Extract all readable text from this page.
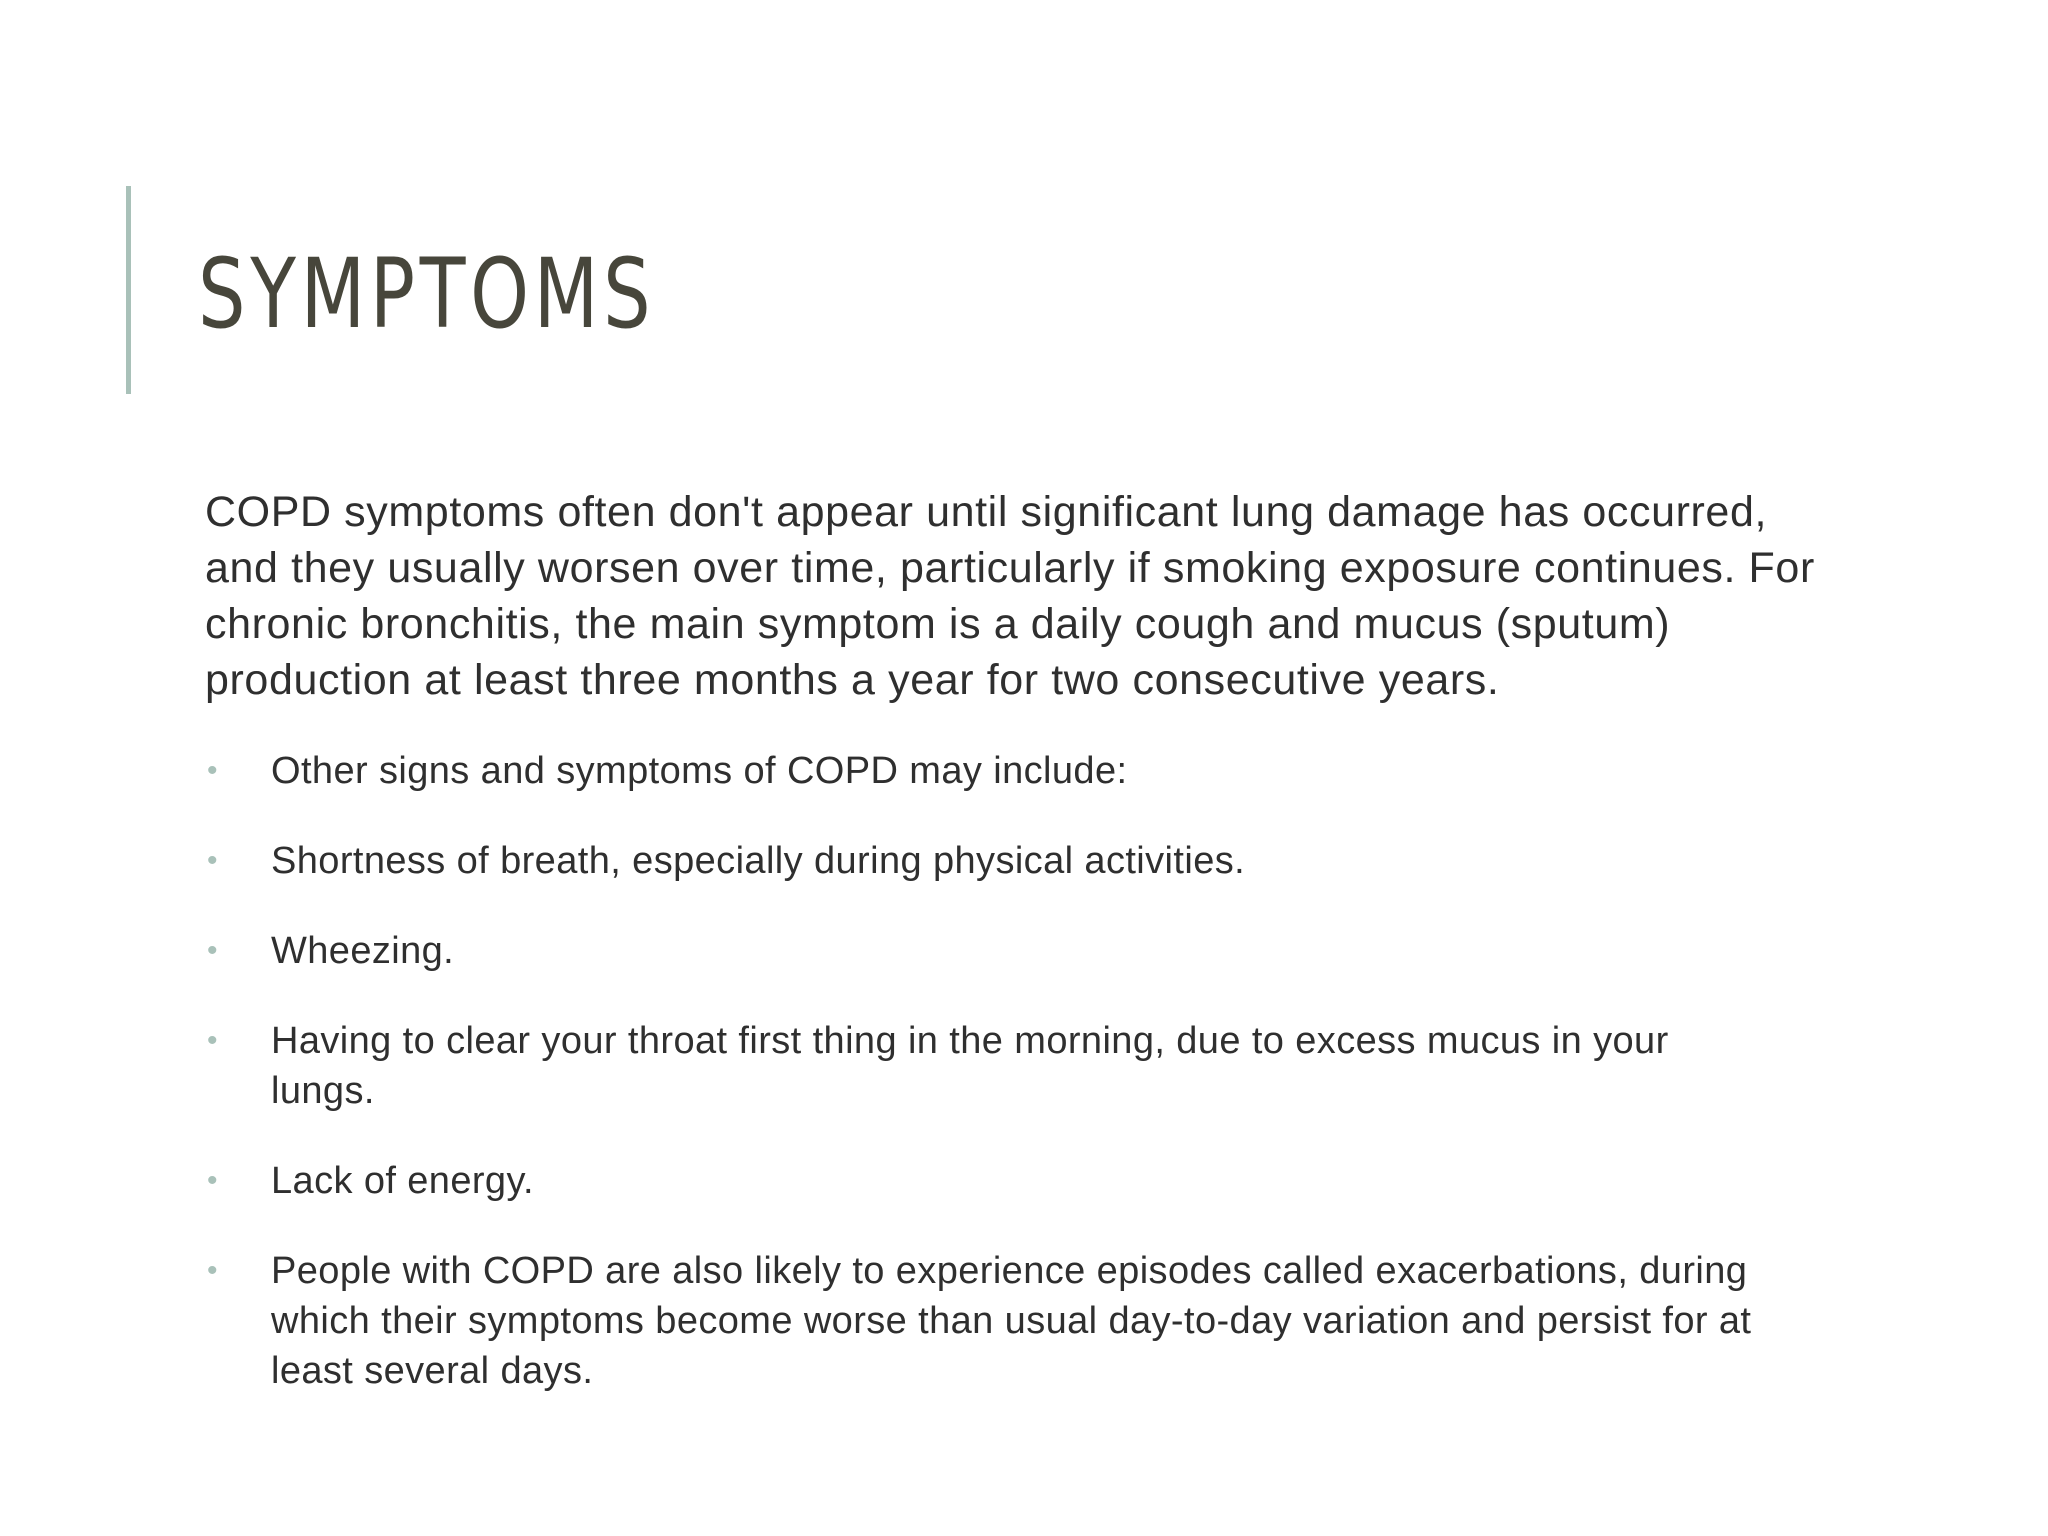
SYMPTOMS

COPD symptoms often don't appear until significant lung damage has occurred, and they usually worsen over time, particularly if smoking exposure continues. For chronic bronchitis, the main symptom is a daily cough and mucus (sputum) production at least three months a year for two consecutive years.

• Other signs and symptoms of COPD may include:
• Shortness of breath, especially during physical activities.
• Wheezing.
• Having to clear your throat first thing in the morning, due to excess mucus in your lungs.
• Lack of energy.
• People with COPD are also likely to experience episodes called exacerbations, during which their symptoms become worse than usual day-to-day variation and persist for at least several days.
